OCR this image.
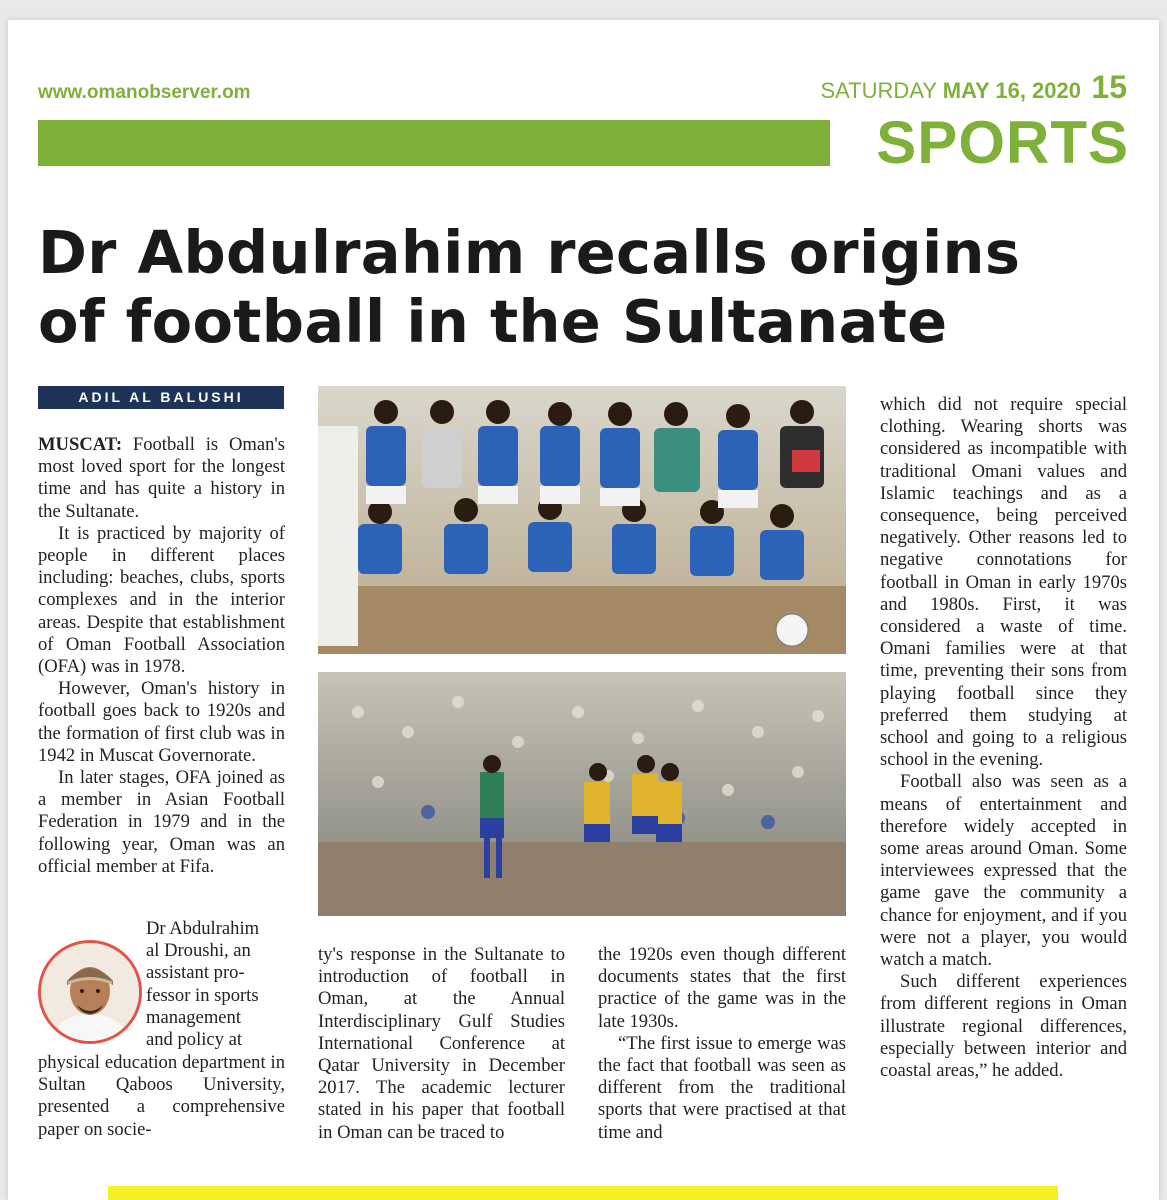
www.omanobserver.om	SATURDAY MAY 16, 2020 15
SPORTS
Dr Abdulrahim recalls origins
of football in the Sultanate
ADIL AL BALUSHI

MUSCAT: Football is Oman's most loved sport for the longest time and has quite a history in the Sultanate.

It is practiced by majority of people in different places including: beaches, clubs, sports complexes and in the interior areas. Despite that establishment of Oman Football Association (OFA) was in 1978.

However, Oman's history in football goes back to 1920s and the formation of first club was in 1942 in Muscat Governorate.

In later stages, OFA joined as a member in Asian Football Federation in 1979 and in the following year, Oman was an official member at Fifa.

Dr Abdulrahim
al Droushi, an
assistant pro-
fessor in sports
management
and policy at

physical education department in Sultan Qaboos University, presented a comprehensive paper on socie-

ty's response in the Sultanate to introduction of football in Oman, at the Annual Interdisciplinary Gulf Studies International Conference at Qatar University in December 2017. The academic lecturer stated in his paper that football in Oman can be traced to

the 1920s even though different documents states that the first practice of the game was in the late 1930s.

“The first issue to emerge was the fact that football was seen as different from the traditional sports that were practised at that time and

which did not require special clothing. Wearing shorts was considered as incompatible with traditional Omani values and Islamic teachings and as a consequence, being perceived negatively. Other reasons led to negative connotations for football in Oman in early 1970s and 1980s. First, it was considered a waste of time. Omani families were at that time, preventing their sons from playing football since they preferred them studying at school and going to a religious school in the evening.

Football also was seen as a means of entertainment and therefore widely accepted in some areas around Oman. Some interviewees expressed that the game gave the community a chance for enjoyment, and if you were not a player, you would watch a match.

Such different experiences from different regions in Oman illustrate regional differences, especially between interior and coastal areas,” he added.
